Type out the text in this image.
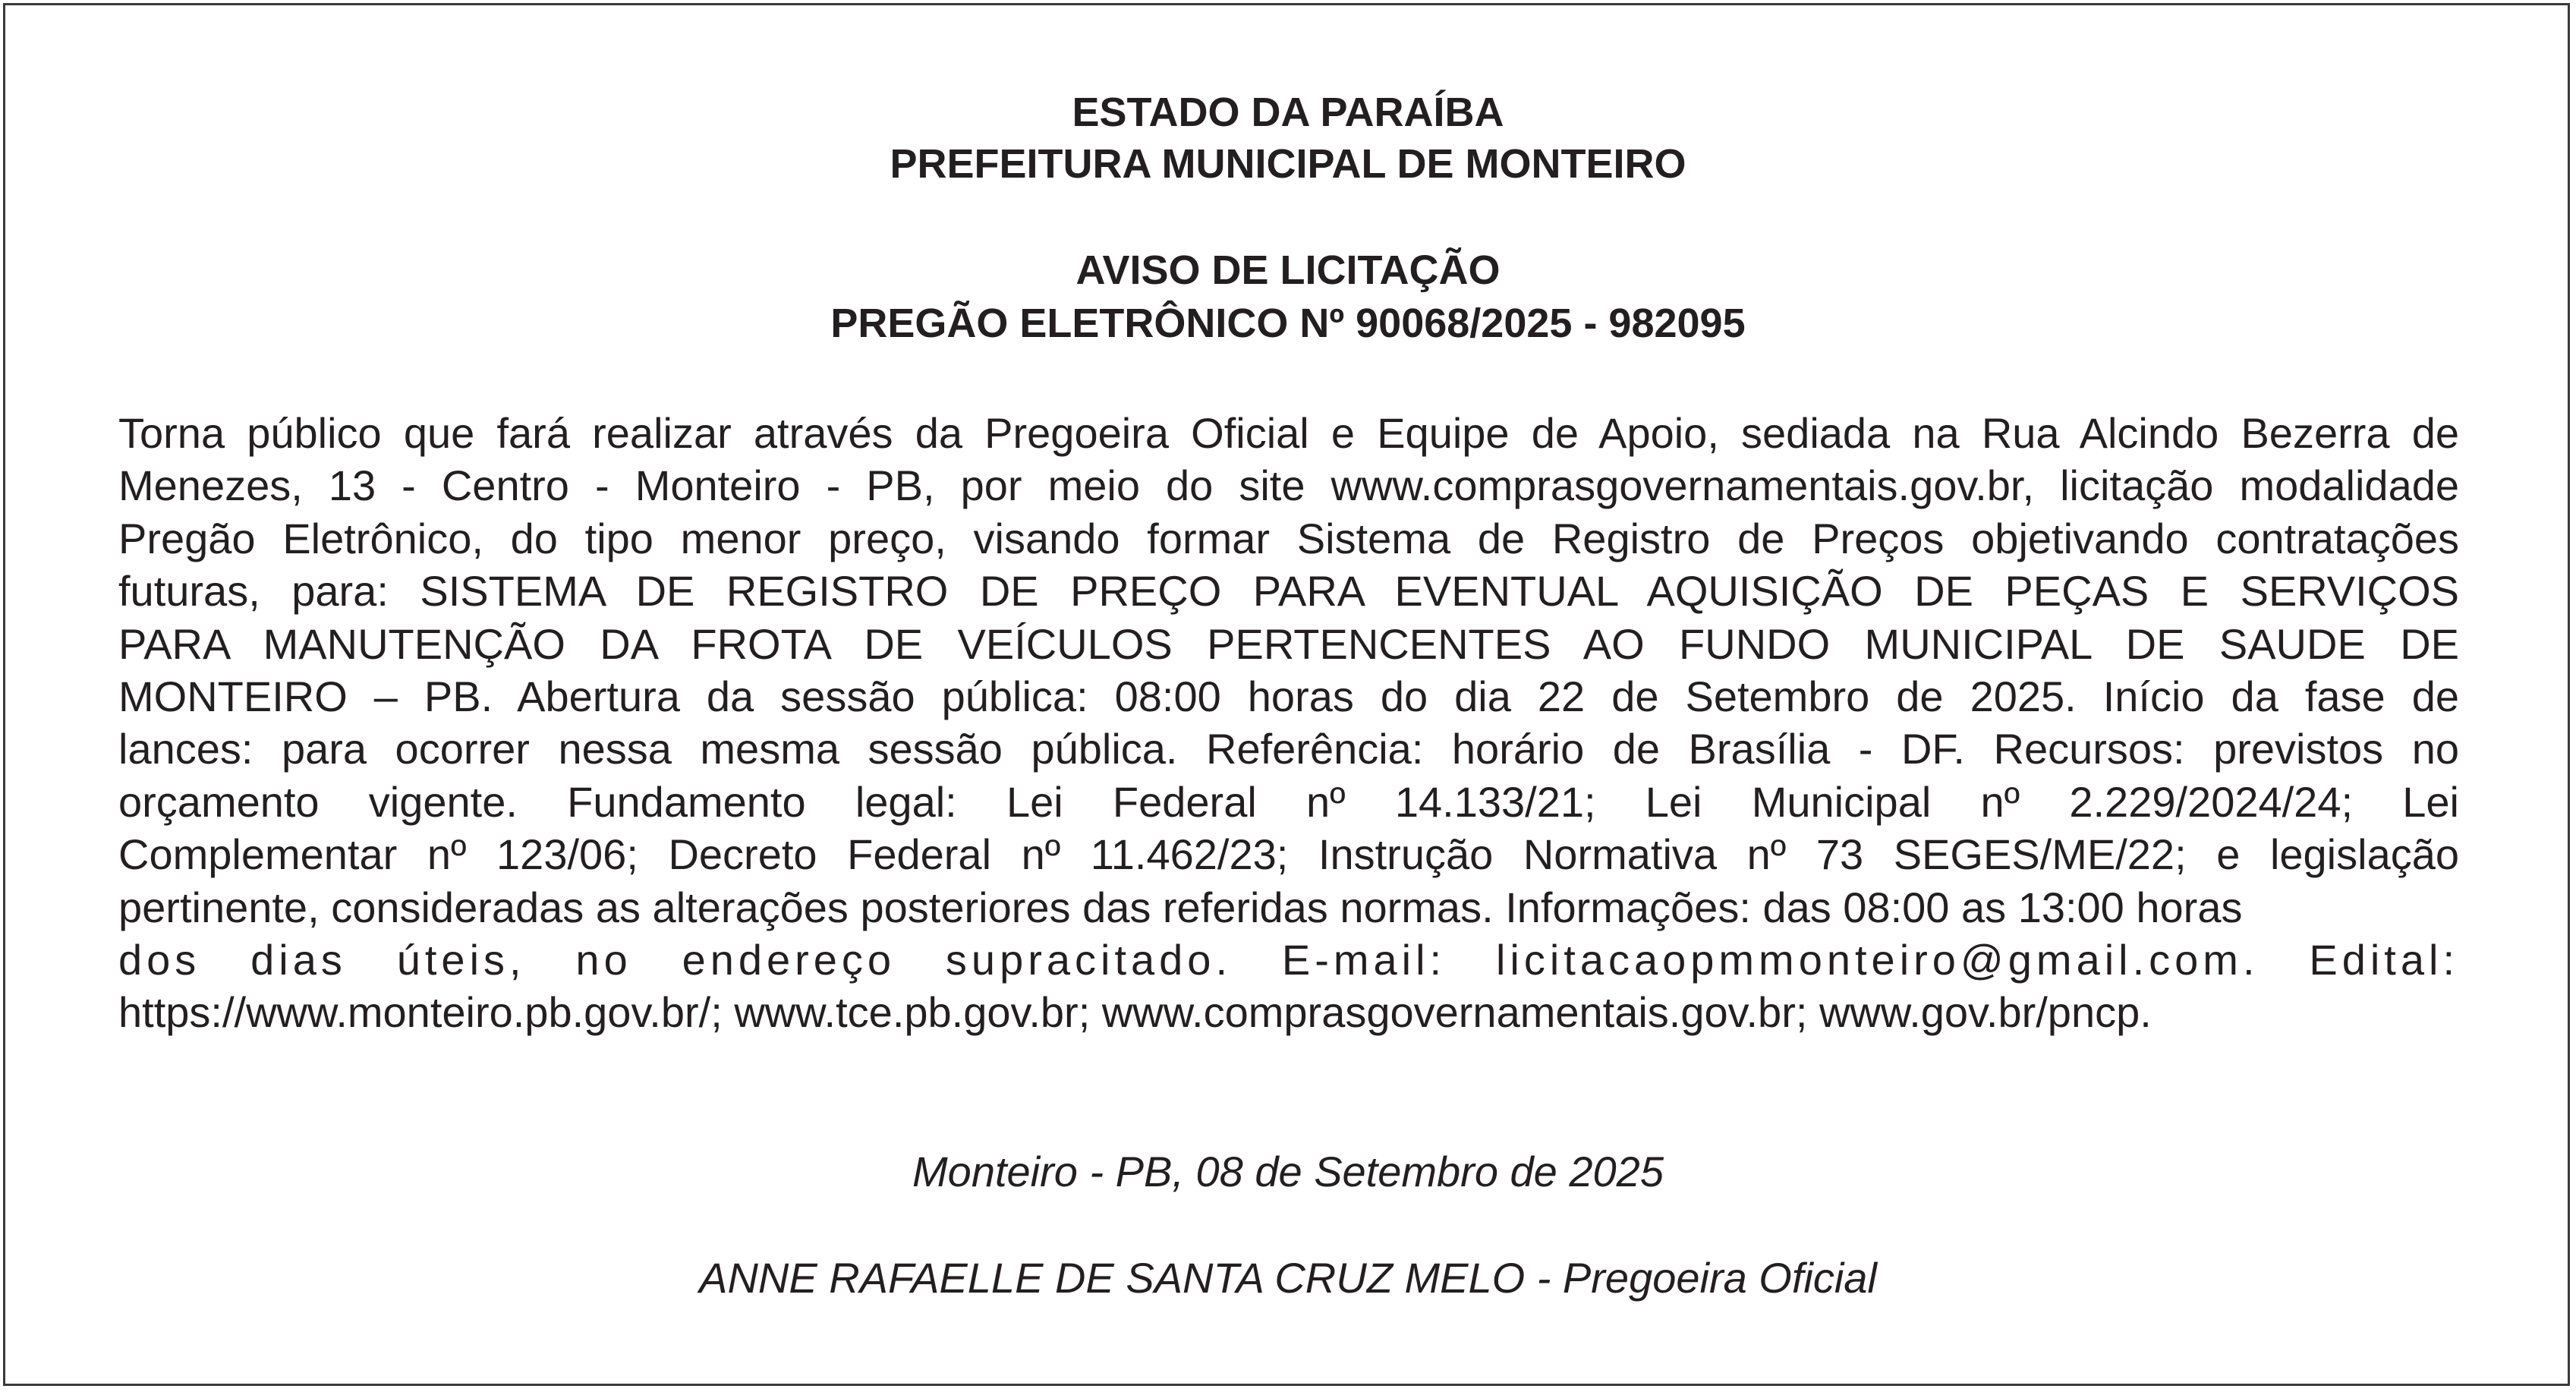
ESTADO DA PARAÍBA

PREFEITURA MUNICIPAL DE MONTEIRO

AVISO DE LICITAÇÃO

PREGÃO ELETRÔNICO Nº 90068/2025 - 982095

Torna público que fará realizar através da Pregoeira Oficial e Equipe de Apoio, sediada na Rua Alcindo Bezerra de
Menezes, 13 - Centro - Monteiro - PB, por meio do site www.comprasgovernamentais.gov.br, licitação modalidade
Pregão Eletrônico, do tipo menor preço, visando formar Sistema de Registro de Preços objetivando contratações
futuras, para: SISTEMA DE REGISTRO DE PREÇO PARA EVENTUAL AQUISIÇÃO DE PEÇAS E SERVIÇOS
PARA MANUTENÇÃO DA FROTA DE VEÍCULOS PERTENCENTES AO FUNDO MUNICIPAL DE SAUDE DE
MONTEIRO – PB. Abertura da sessão pública: 08:00 horas do dia 22 de Setembro de 2025. Início da fase de
lances: para ocorrer nessa mesma sessão pública. Referência: horário de Brasília - DF. Recursos: previstos no
orçamento vigente. Fundamento legal: Lei Federal nº 14.133/21; Lei Municipal nº 2.229/2024/24; Lei
Complementar nº 123/06; Decreto Federal nº 11.462/23; Instrução Normativa nº 73 SEGES/ME/22; e legislação
pertinente, consideradas as alterações posteriores das referidas normas. Informações: das 08:00 as 13:00 horas
dos dias úteis, no endereço supracitado. E-mail: licitacaopmmonteiro@gmail.com. Edital:
https://www.monteiro.pb.gov.br/; www.tce.pb.gov.br; www.comprasgovernamentais.gov.br; www.gov.br/pncp.

Monteiro - PB, 08 de Setembro de 2025

ANNE RAFAELLE DE SANTA CRUZ MELO - Pregoeira Oficial
